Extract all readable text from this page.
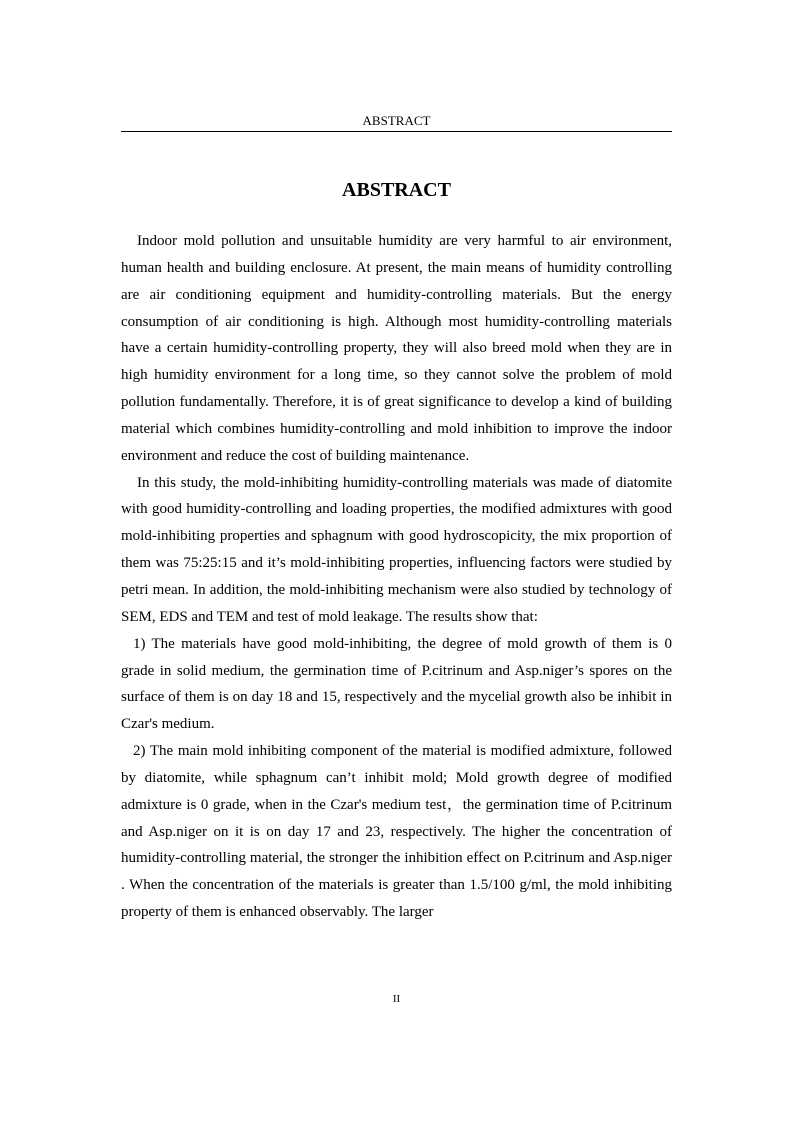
ABSTRACT
ABSTRACT

Indoor mold pollution and unsuitable humidity are very harmful to air environment, human health and building enclosure. At present, the main means of humidity controlling are air conditioning equipment and humidity-controlling materials. But the energy consumption of air conditioning is high. Although most humidity-controlling materials have a certain humidity-controlling property, they will also breed mold when they are in high humidity environment for a long time, so they cannot solve the problem of mold pollution fundamentally. Therefore, it is of great significance to develop a kind of building material which combines humidity-controlling and mold inhibition to improve the indoor environment and reduce the cost of building maintenance.

In this study, the mold-inhibiting humidity-controlling materials was made of diatomite with good humidity-controlling and loading properties, the modified admixtures with good mold-inhibiting properties and sphagnum with good hydroscopicity, the mix proportion of them was 75:25:15 and it’s mold-inhibiting properties, influencing factors were studied by petri mean. In addition, the mold-inhibiting mechanism were also studied by technology of SEM, EDS and TEM and test of mold leakage. The results show that:

1) The materials have good mold-inhibiting, the degree of mold growth of them is 0 grade in solid medium, the germination time of P.citrinum and Asp.niger’s spores on the surface of them is on day 18 and 15, respectively and the mycelial growth also be inhibit in Czar's medium.

2) The main mold inhibiting component of the material is modified admixture, followed by diatomite, while sphagnum can’t inhibit mold; Mold growth degree of modified admixture is 0 grade, when in the Czar's medium test，the germination time of P.citrinum and Asp.niger on it is on day 17 and 23, respectively. The higher the concentration of humidity-controlling material, the stronger the inhibition effect on P.citrinum and Asp.niger . When the concentration of the materials is greater than 1.5/100 g/ml, the mold inhibiting property of them is enhanced observably. The larger

II
